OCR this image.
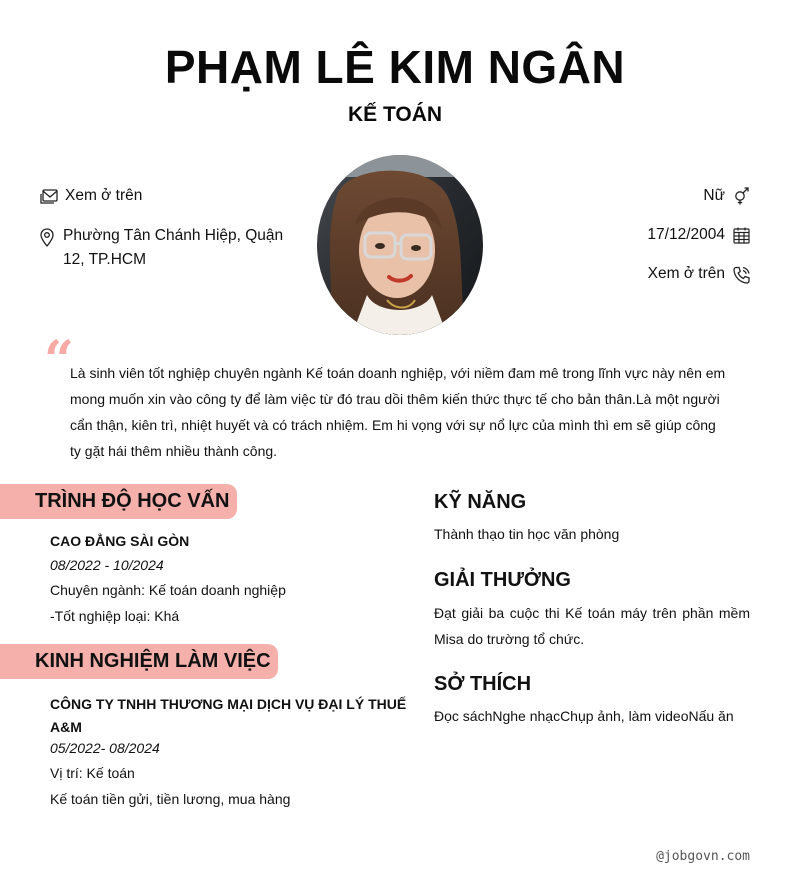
PHẠM LÊ KIM NGÂN
KẾ TOÁN
Xem ở trên
Phường Tân Chánh Hiệp, Quận 12, TP.HCM
Nữ
17/12/2004
Xem ở trên
“
Là sinh viên tốt nghiệp chuyên ngành Kế toán doanh nghiệp, với niềm đam mê trong lĩnh vực này nên em mong muốn xin vào công ty để làm việc từ đó trau dồi thêm kiến thức thực tế cho bản thân.Là một người cẩn thận, kiên trì, nhiệt huyết và có trách nhiệm. Em hi vọng với sự nổ lực của mình thì em sẽ giúp công ty gặt hái thêm nhiều thành công.
TRÌNH ĐỘ HỌC VẤN
CAO ĐẲNG SÀI GÒN
08/2022 - 10/2024
Chuyên ngành: Kế toán doanh nghiệp
-Tốt nghiệp loại: Khá
KINH NGHIỆM LÀM VIỆC
CÔNG TY TNHH THƯƠNG MẠI DỊCH VỤ ĐẠI LÝ THUẾ A&M
05/2022- 08/2024
Vị trí: Kế toán
Kế toán tiền gửi, tiền lương, mua hàng
KỸ NĂNG
Thành thạo tin học văn phòng
GIẢI THƯỞNG
Đạt giải ba cuộc thi Kế toán máy trên phần mềm Misa do trường tổ chức.
SỞ THÍCH
Đọc sáchNghe nhạcChụp ảnh, làm videoNấu ăn
@jobgovn.com
